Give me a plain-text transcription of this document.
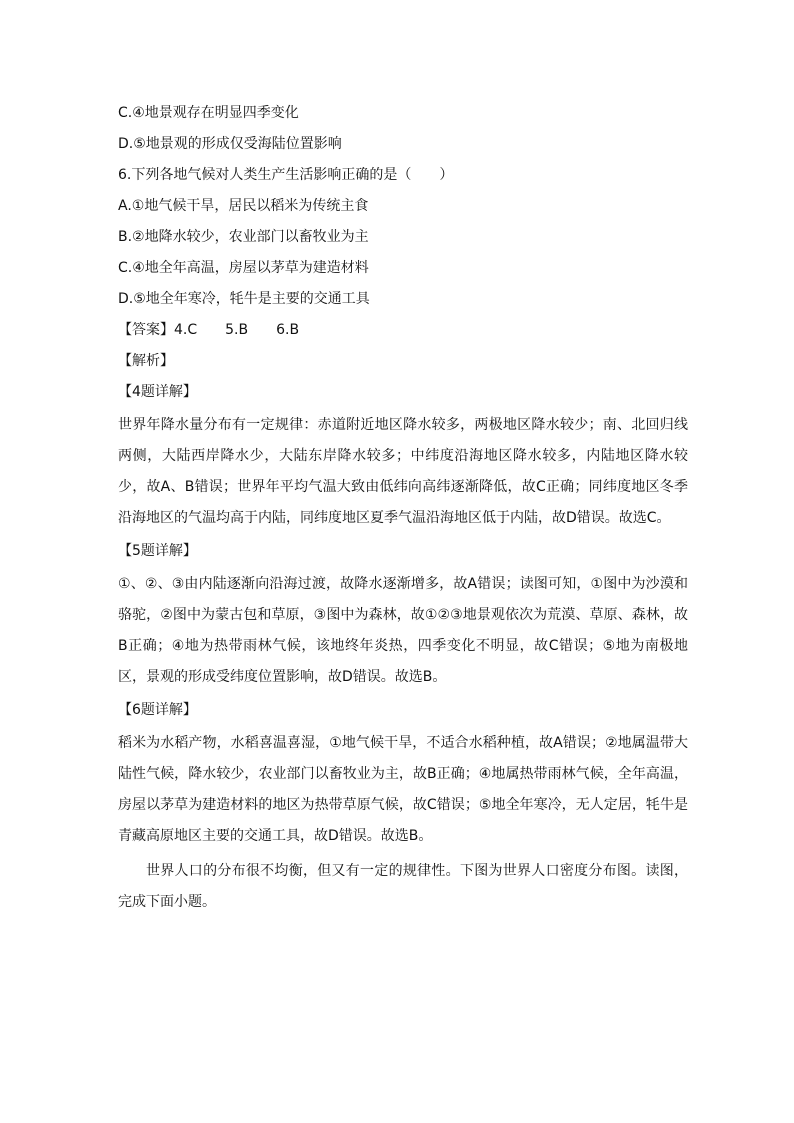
C.④地景观存在明显四季变化
D.⑤地景观的形成仅受海陆位置影响
6.下列各地气候对人类生产生活影响正确的是（　　）
A.①地气候干旱，居民以稻米为传统主食
B.②地降水较少，农业部门以畜牧业为主
C.④地全年高温，房屋以茅草为建造材料
D.⑤地全年寒冷，牦牛是主要的交通工具
【答案】4.C　　5.B　　6.B
【解析】
【4题详解】
世界年降水量分布有一定规律：赤道附近地区降水较多，两极地区降水较少；南、北回归线两侧，大陆西岸降水少，大陆东岸降水较多；中纬度沿海地区降水较多，内陆地区降水较少，故A、B错误；世界年平均气温大致由低纬向高纬逐渐降低，故C正确；同纬度地区冬季沿海地区的气温均高于内陆，同纬度地区夏季气温沿海地区低于内陆，故D错误。故选C。
【5题详解】
①、②、③由内陆逐渐向沿海过渡，故降水逐渐增多，故A错误；读图可知，①图中为沙漠和骆驼，②图中为蒙古包和草原，③图中为森林，故①②③地景观依次为荒漠、草原、森林，故B正确；④地为热带雨林气候，该地终年炎热，四季变化不明显，故C错误；⑤地为南极地区，景观的形成受纬度位置影响，故D错误。故选B。
【6题详解】
稻米为水稻产物，水稻喜温喜湿，①地气候干旱，不适合水稻种植，故A错误；②地属温带大陆性气候，降水较少，农业部门以畜牧业为主，故B正确；④地属热带雨林气候，全年高温，房屋以茅草为建造材料的地区为热带草原气候，故C错误；⑤地全年寒冷，无人定居，牦牛是青藏高原地区主要的交通工具，故D错误。故选B。
世界人口的分布很不均衡，但又有一定的规律性。下图为世界人口密度分布图。读图，完成下面小题。
